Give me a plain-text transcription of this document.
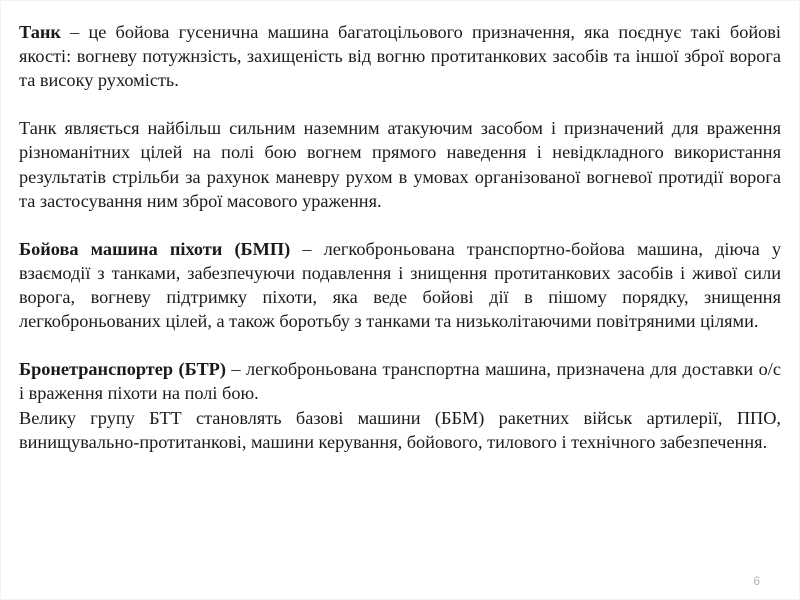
Танк – це бойова гусенична машина багатоцільового призначення, яка поєднує такі бойові якості: вогневу потужнзість, захищеність від вогню протитанкових засобів та іншої зброї ворога та високу рухомість.

Танк являється найбільш сильним наземним атакуючим засобом і призначений для враження різноманітних цілей на полі бою вогнем прямого наведення і невідкладного використання результатів стрільби за рахунок маневру рухом в умовах організованої вогневої протидії ворога та застосування ним зброї масового ураження.

Бойова машина піхоти (БМП) – легкоброньована транспортно-бойова машина, діюча у взаємодії з танками, забезпечуючи подавлення і знищення протитанкових засобів і живої сили ворога, вогневу підтримку піхоти, яка веде бойові дії в пішому порядку, знищення легкоброньованих цілей, а також боротьбу з танками та низьколітаючими повітряними цілями.

Бронетранспортер (БТР) – легкоброньована транспортна машина, призначена для доставки о/с і враження піхоти на полі бою.

Велику групу БТТ становлять базові машини (ББМ) ракетних військ артилерії, ППО, винищувально-протитанкові, машини керування, бойового, тилового і технічного забезпечення.

6
